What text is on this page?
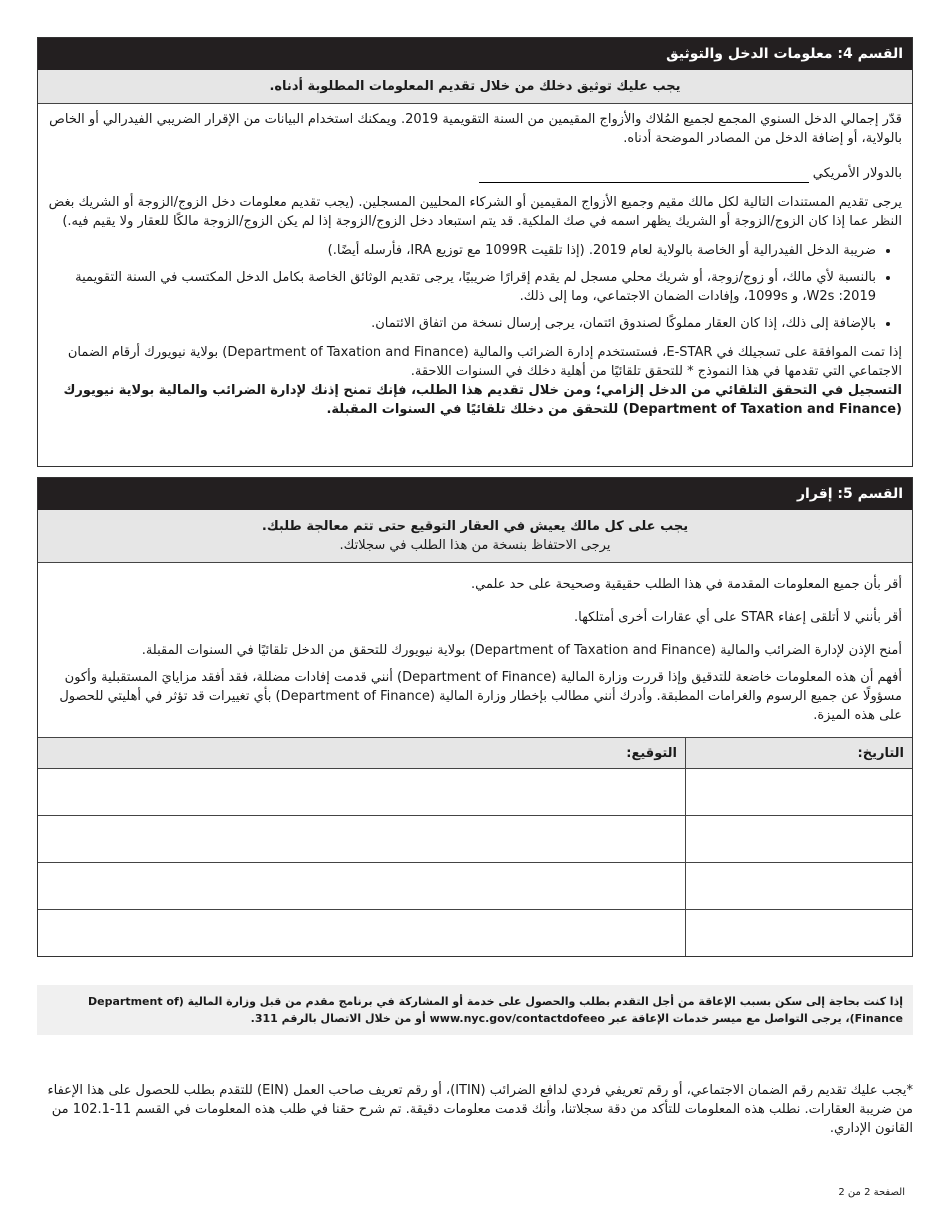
القسم 4: معلومات الدخل والتوثيق
يجب عليك توثيق دخلك من خلال تقديم المعلومات المطلوبة أدناه.

قدّر إجمالي الدخل السنوي المجمع لجميع المُلاك والأزواج المقيمين من السنة التقويمية 2019. ويمكنك استخدام البيانات من الإقرار الضريبي الفيدرالي أو الخاص بالولاية، أو إضافة الدخل من المصادر الموضحة أدناه.

بالدولار الأمريكي

يرجى تقديم المستندات التالية لكل مالك مقيم وجميع الأزواج المقيمين أو الشركاء المحليين المسجلين. (يجب تقديم معلومات دخل الزوج/الزوجة أو الشريك بغض النظر عما إذا كان الزوج/الزوجة أو الشريك يظهر اسمه في صك الملكية. قد يتم استبعاد دخل الزوج/الزوجة إذا لم يكن الزوج/الزوجة مالكًا للعقار ولا يقيم فيه.)

• ضريبة الدخل الفيدرالية أو الخاصة بالولاية لعام 2019. (إذا تلقيت 1099R مع توزيع IRA، فأرسله أيضًا.)
• بالنسبة لأي مالك، أو زوج/زوجة، أو شريك محلي مسجل لم يقدم إقرارًا ضريبيًا، يرجى تقديم الوثائق الخاصة بكامل الدخل المكتسب في السنة التقويمية 2019: W2s، و 1099s، وإفادات الضمان الاجتماعي، وما إلى ذلك.
• بالإضافة إلى ذلك، إذا كان العقار مملوكًا لصندوق ائتمان، يرجى إرسال نسخة من اتفاق الائتمان.

إذا تمت الموافقة على تسجيلك في E-STAR، فستستخدم إدارة الضرائب والمالية (Department of Taxation and Finance) بولاية نيويورك أرقام الضمان الاجتماعي التي تقدمها في هذا النموذج * للتحقق تلقائيًا من أهلية دخلك في السنوات اللاحقة.

التسجيل في التحقق التلقائي من الدخل إلزامي؛ ومن خلال تقديم هذا الطلب، فإنك تمنح إذنك لإدارة الضرائب والمالية بولاية نيويورك (Department of Taxation and Finance) للتحقق من دخلك تلقائيًا في السنوات المقبلة.

القسم 5: إقرار
يجب على كل مالك يعيش في العقار التوقيع حتى تتم معالجة طلبك.
يرجى الاحتفاظ بنسخة من هذا الطلب في سجلاتك.

أقر بأن جميع المعلومات المقدمة في هذا الطلب حقيقية وصحيحة على حد علمي.

أقر بأنني لا أتلقى إعفاء STAR على أي عقارات أخرى أمتلكها.

أمنح الإذن لإدارة الضرائب والمالية (Department of Taxation and Finance) بولاية نيويورك للتحقق من الدخل تلقائيًا في السنوات المقبلة.

أفهم أن هذه المعلومات خاضعة للتدقيق وإذا قررت وزارة المالية (Department of Finance) أنني قدمت إفادات مضللة، فقد أفقد مزايايَ المستقبلية وأكون مسؤولًا عن جميع الرسوم والغرامات المطبقة. وأدرك أنني مطالب بإخطار وزارة المالية (Department of Finance) بأي تغييرات قد تؤثر في أهليتي للحصول على هذه الميزة.

التاريخ:	التوقيع:

إذا كنت بحاجة إلى سكن بسبب الإعاقة من أجل التقدم بطلب والحصول على خدمة أو المشاركة في برنامج مقدم من قبل وزارة المالية (Department of Finance)، يرجى التواصل مع ميسر خدمات الإعاقة عبر www.nyc.gov/contactdofeeo أو من خلال الاتصال بالرقم 311.
*يجب عليك تقديم رقم الضمان الاجتماعي، أو رقم تعريفي فردي لدافع الضرائب (ITIN)، أو رقم تعريف صاحب العمل (EIN) للتقدم بطلب للحصول على هذا الإعفاء من ضريبة العقارات. نطلب هذه المعلومات للتأكد من دقة سجلاتنا، وأنك قدمت معلومات دقيقة. تم شرح حقنا في طلب هذه المعلومات في القسم 11-102.1 من القانون الإداري.
الصفحة 2 من 2
